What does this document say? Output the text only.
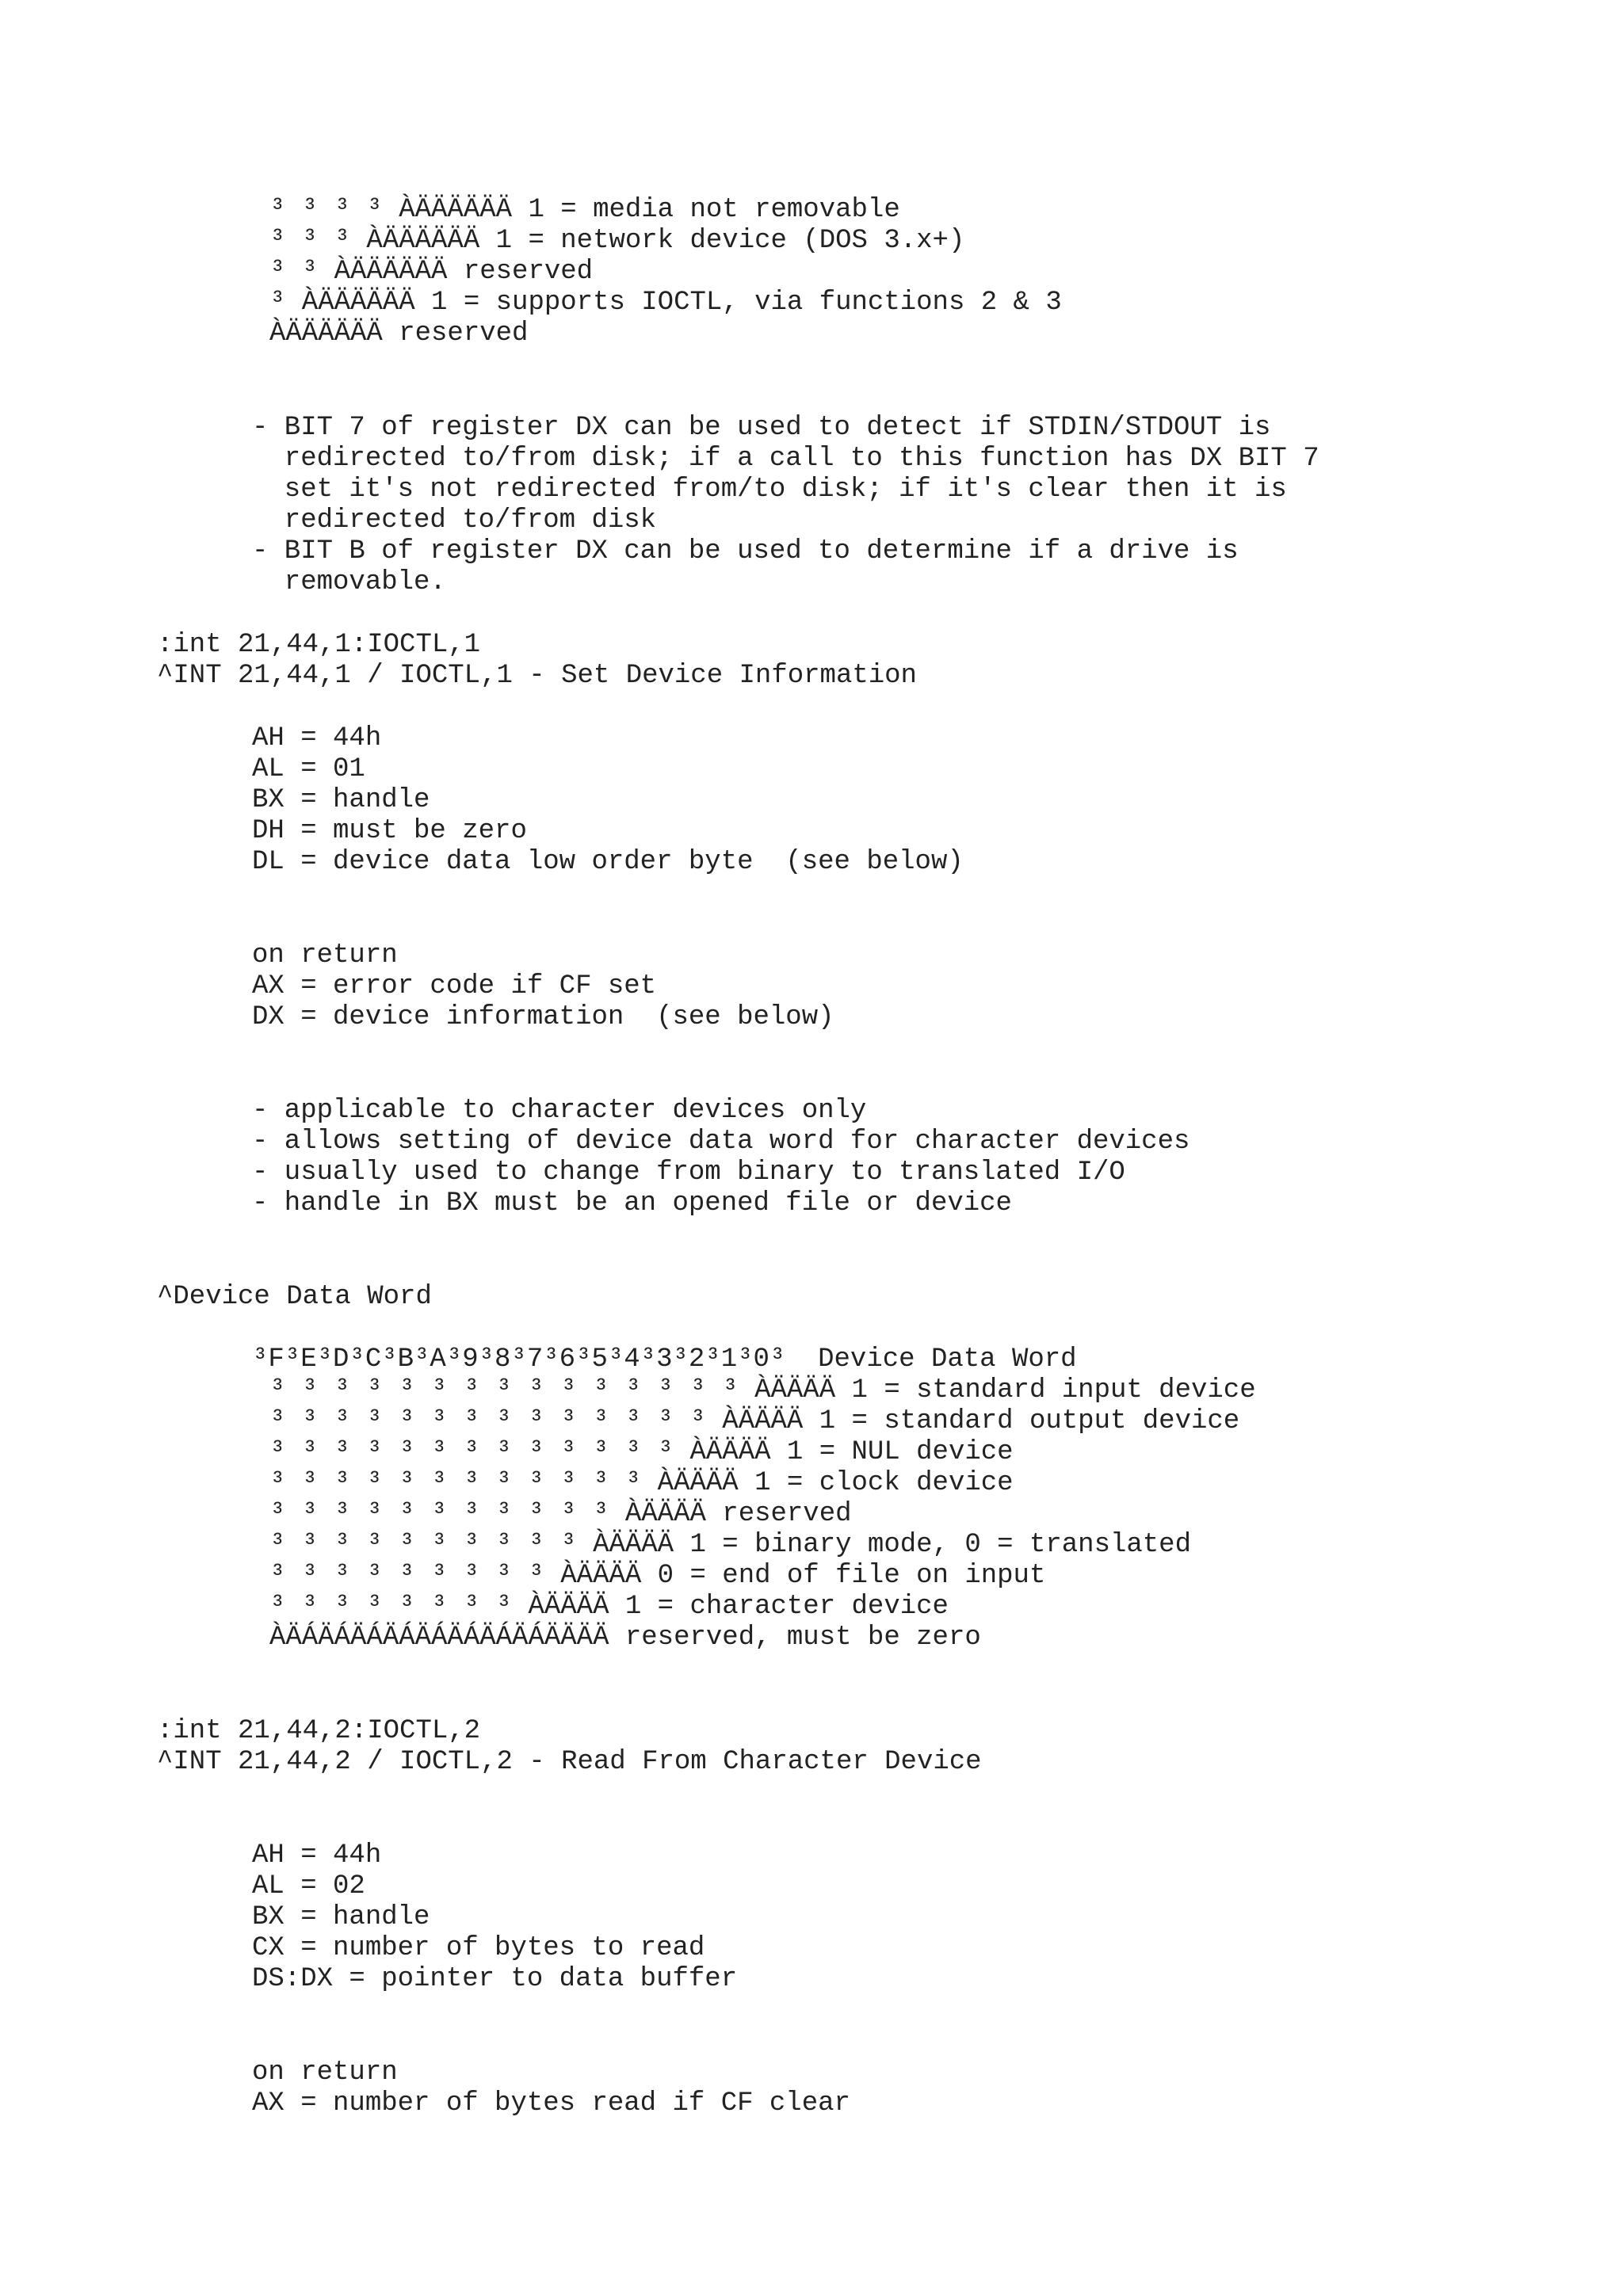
³ ³ ³ ³ ÀÄÄÄÄÄÄ 1 = media not removable
³ ³ ³ ÀÄÄÄÄÄÄ 1 = network device (DOS 3.x+)
³ ³ ÀÄÄÄÄÄÄ reserved
³ ÀÄÄÄÄÄÄ 1 = supports IOCTL, via functions 2 & 3
ÀÄÄÄÄÄÄ reserved
- BIT 7 of register DX can be used to detect if STDIN/STDOUT is
redirected to/from disk; if a call to this function has DX BIT 7
set it's not redirected from/to disk; if it's clear then it is
redirected to/from disk
- BIT B of register DX can be used to determine if a drive is
removable.
:int 21,44,1:IOCTL,1
^INT 21,44,1 / IOCTL,1 - Set Device Information
AH = 44h
AL = 01
BX = handle
DH = must be zero
DL = device data low order byte  (see below)
on return
AX = error code if CF set
DX = device information  (see below)
- applicable to character devices only
- allows setting of device data word for character devices
- usually used to change from binary to translated I/O
- handle in BX must be an opened file or device
^Device Data Word
³F³E³D³C³B³A³9³8³7³6³5³4³3³2³1³0³  Device Data Word
³ ³ ³ ³ ³ ³ ³ ³ ³ ³ ³ ³ ³ ³ ³ ÀÄÄÄÄ 1 = standard input device
³ ³ ³ ³ ³ ³ ³ ³ ³ ³ ³ ³ ³ ³ ÀÄÄÄÄ 1 = standard output device
³ ³ ³ ³ ³ ³ ³ ³ ³ ³ ³ ³ ³ ÀÄÄÄÄ 1 = NUL device
³ ³ ³ ³ ³ ³ ³ ³ ³ ³ ³ ³ ÀÄÄÄÄ 1 = clock device
³ ³ ³ ³ ³ ³ ³ ³ ³ ³ ³ ÀÄÄÄÄ reserved
³ ³ ³ ³ ³ ³ ³ ³ ³ ³ ÀÄÄÄÄ 1 = binary mode, 0 = translated
³ ³ ³ ³ ³ ³ ³ ³ ³ ÀÄÄÄÄ 0 = end of file on input
³ ³ ³ ³ ³ ³ ³ ³ ÀÄÄÄÄ 1 = character device
ÀÄÁÄÁÄÁÄÁÄÁÄÁÄÁÄÁÄÄÄÄ reserved, must be zero
:int 21,44,2:IOCTL,2
^INT 21,44,2 / IOCTL,2 - Read From Character Device
AH = 44h
AL = 02
BX = handle
CX = number of bytes to read
DS:DX = pointer to data buffer
on return
AX = number of bytes read if CF clear
